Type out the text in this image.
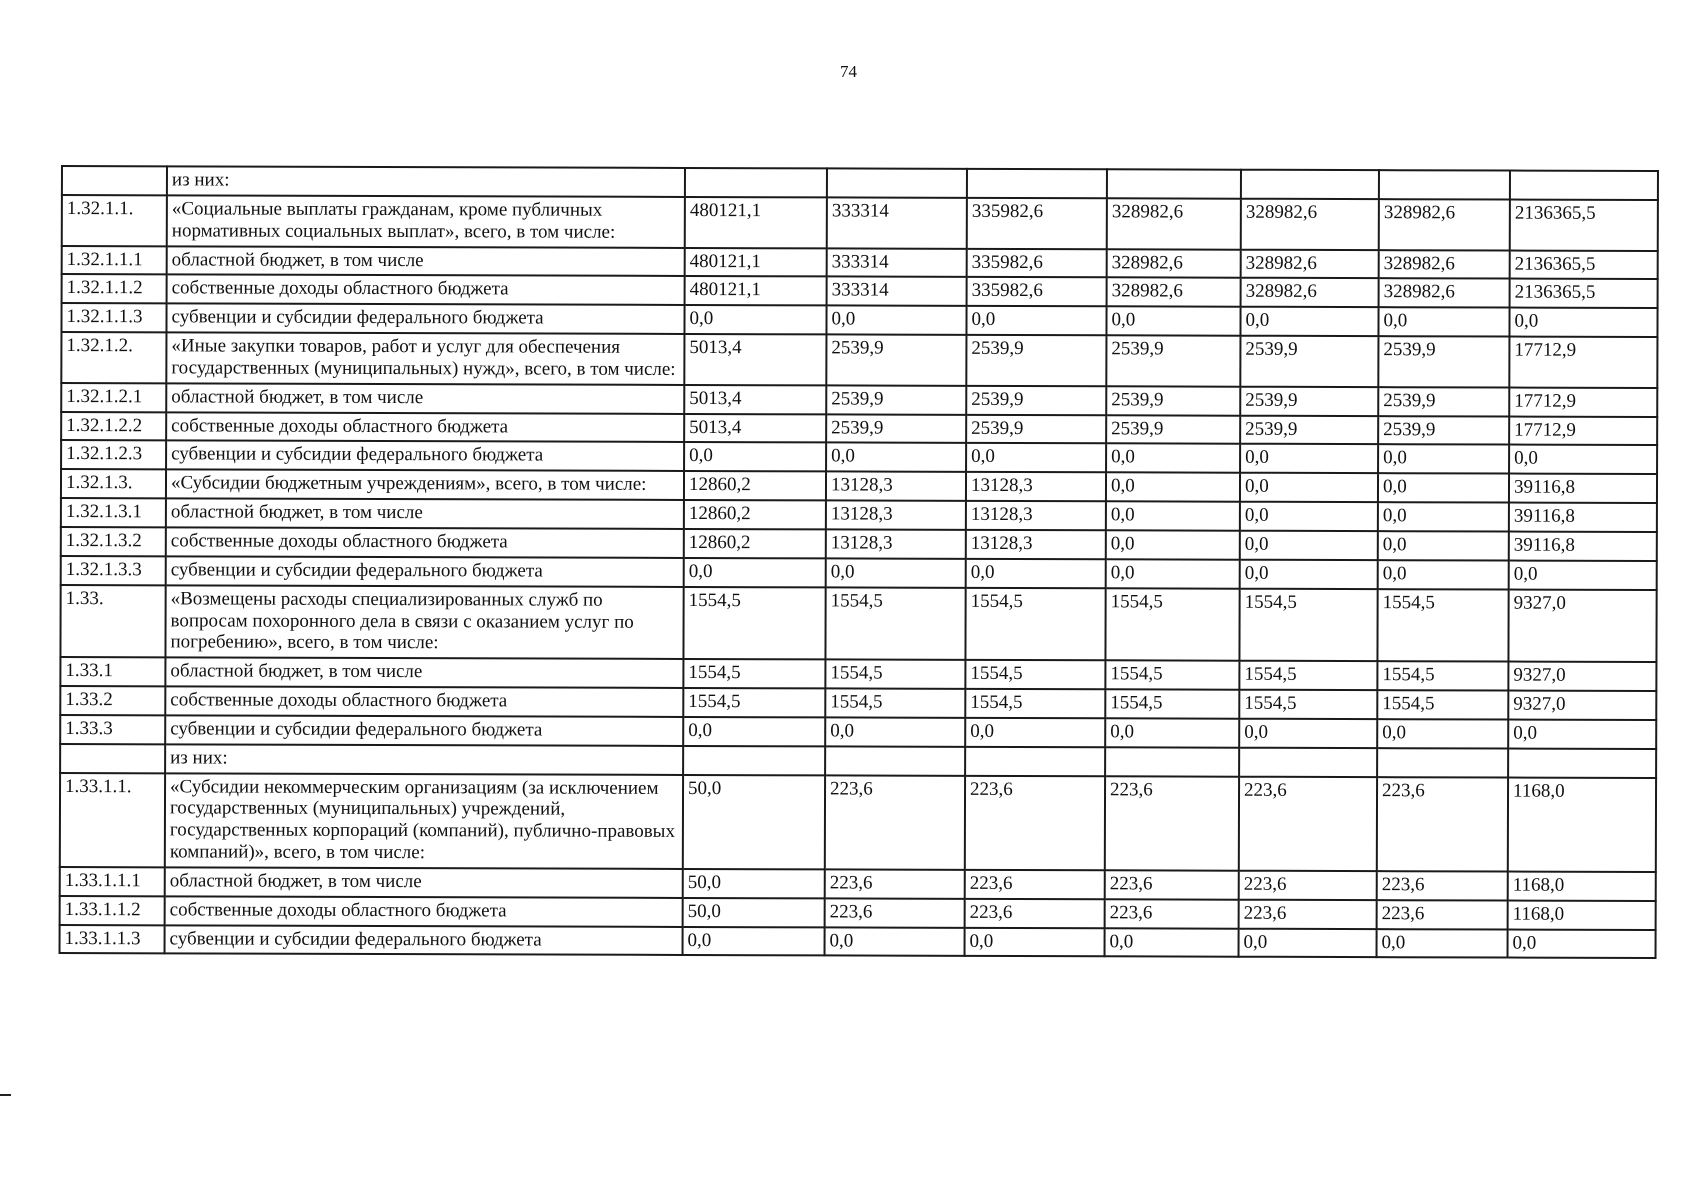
74
	из них:							
1.32.1.1.	«Социальные выплаты гражданам, кроме публичных нормативных социальных выплат», всего, в том числе:	480121,1	333314	335982,6	328982,6	328982,6	328982,6	2136365,5
1.32.1.1.1	областной бюджет, в том числе	480121,1	333314	335982,6	328982,6	328982,6	328982,6	2136365,5
1.32.1.1.2	собственные доходы областного бюджета	480121,1	333314	335982,6	328982,6	328982,6	328982,6	2136365,5
1.32.1.1.3	субвенции и субсидии федерального бюджета	0,0	0,0	0,0	0,0	0,0	0,0	0,0
1.32.1.2.	«Иные закупки товаров, работ и услуг для обеспечения государственных (муниципальных) нужд», всего, в том числе:	5013,4	2539,9	2539,9	2539,9	2539,9	2539,9	17712,9
1.32.1.2.1	областной бюджет, в том числе	5013,4	2539,9	2539,9	2539,9	2539,9	2539,9	17712,9
1.32.1.2.2	собственные доходы областного бюджета	5013,4	2539,9	2539,9	2539,9	2539,9	2539,9	17712,9
1.32.1.2.3	субвенции и субсидии федерального бюджета	0,0	0,0	0,0	0,0	0,0	0,0	0,0
1.32.1.3.	«Субсидии бюджетным учреждениям», всего, в том числе:	12860,2	13128,3	13128,3	0,0	0,0	0,0	39116,8
1.32.1.3.1	областной бюджет, в том числе	12860,2	13128,3	13128,3	0,0	0,0	0,0	39116,8
1.32.1.3.2	собственные доходы областного бюджета	12860,2	13128,3	13128,3	0,0	0,0	0,0	39116,8
1.32.1.3.3	субвенции и субсидии федерального бюджета	0,0	0,0	0,0	0,0	0,0	0,0	0,0
1.33.	«Возмещены расходы специализированных служб по вопросам похоронного дела в связи с оказанием услуг по погребению», всего, в том числе:	1554,5	1554,5	1554,5	1554,5	1554,5	1554,5	9327,0
1.33.1	областной бюджет, в том числе	1554,5	1554,5	1554,5	1554,5	1554,5	1554,5	9327,0
1.33.2	собственные доходы областного бюджета	1554,5	1554,5	1554,5	1554,5	1554,5	1554,5	9327,0
1.33.3	субвенции и субсидии федерального бюджета	0,0	0,0	0,0	0,0	0,0	0,0	0,0
	из них:							
1.33.1.1.	«Субсидии некоммерческим организациям (за исключением государственных (муниципальных) учреждений, государственных корпораций (компаний), публично-правовых компаний)», всего, в том числе:	50,0	223,6	223,6	223,6	223,6	223,6	1168,0
1.33.1.1.1	областной бюджет, в том числе	50,0	223,6	223,6	223,6	223,6	223,6	1168,0
1.33.1.1.2	собственные доходы областного бюджета	50,0	223,6	223,6	223,6	223,6	223,6	1168,0
1.33.1.1.3	субвенции и субсидии федерального бюджета	0,0	0,0	0,0	0,0	0,0	0,0	0,0
